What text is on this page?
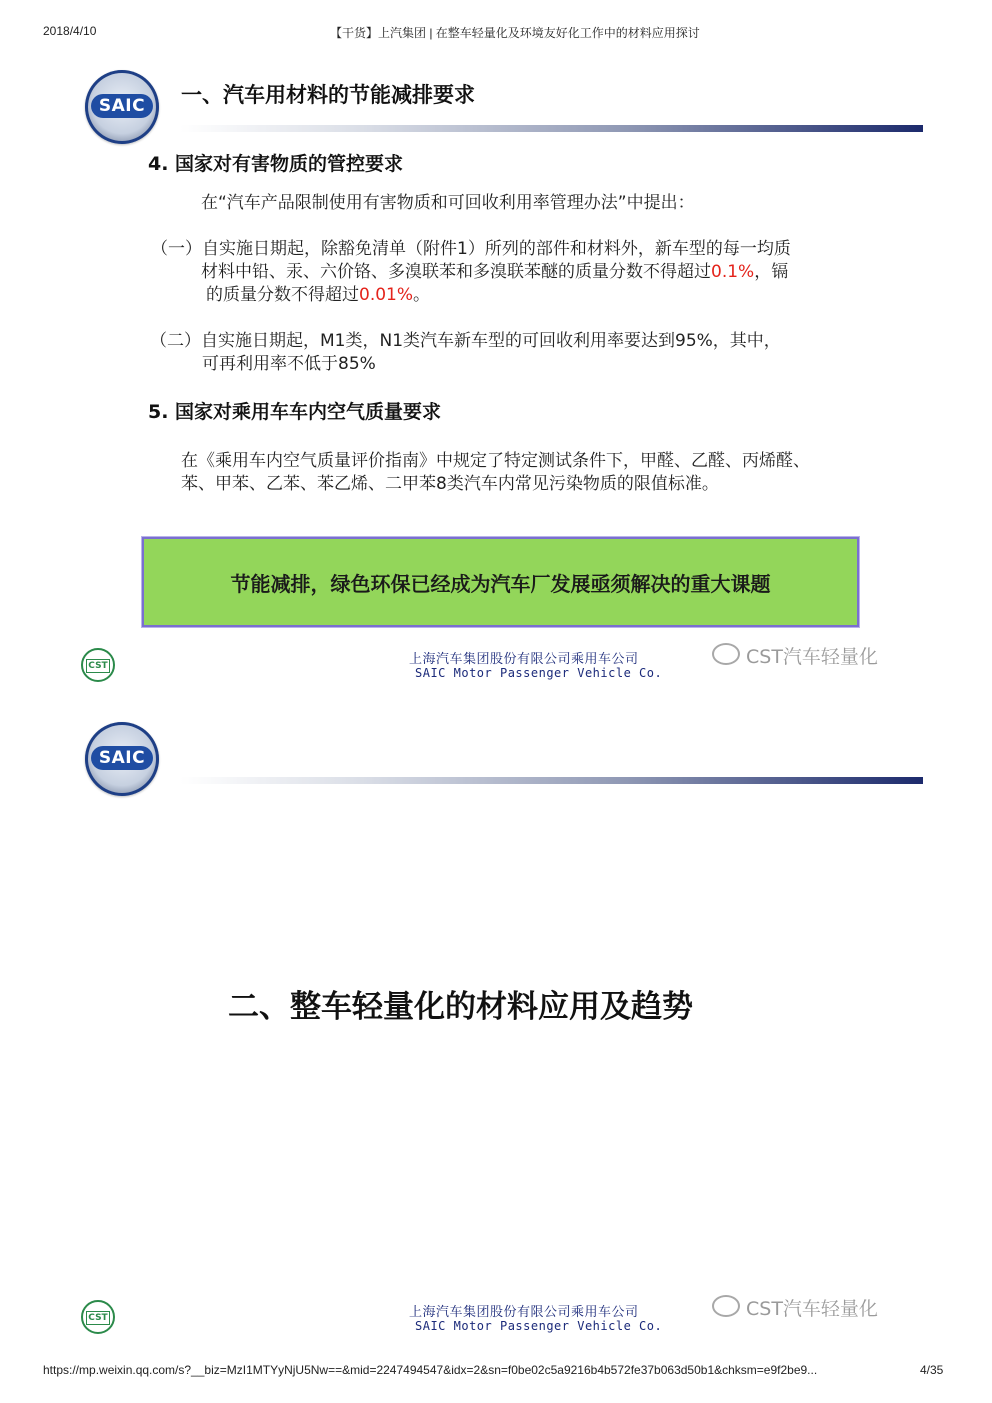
2018/4/10	【干货】上汽集团 | 在整车轻量化及环境友好化工作中的材料应用探讨
SAIC	一、汽车用材料的节能减排要求
4. 国家对有害物质的管控要求
在“汽车产品限制使用有害物质和可回收利用率管理办法”中提出：
（一）自实施日期起，除豁免清单（附件1）所列的部件和材料外，新车型的每一均质
材料中铅、汞、六价铬、多溴联苯和多溴联苯醚的质量分数不得超过0.1%，镉
的质量分数不得超过0.01%。
（二）自实施日期起，M1类，N1类汽车新车型的可回收利用率要达到95%，其中，
可再利用率不低于85%
5. 国家对乘用车车内空气质量要求
在《乘用车内空气质量评价指南》中规定了特定测试条件下，甲醛、乙醛、丙烯醛、
苯、甲苯、乙苯、苯乙烯、二甲苯8类汽车内常见污染物质的限值标准。
节能减排，绿色环保已经成为汽车厂发展亟须解决的重大课题
CST	上海汽车集团股份有限公司乘用车公司
SAIC Motor Passenger Vehicle Co.
CST汽车轻量化
SAIC
二、整车轻量化的材料应用及趋势
CST	上海汽车集团股份有限公司乘用车公司
SAIC Motor Passenger Vehicle Co.
CST汽车轻量化
https://mp.weixin.qq.com/s?__biz=MzI1MTYyNjU5Nw==&mid=2247494547&idx=2&sn=f0be02c5a9216b4b572fe37b063d50b1&chksm=e9f2be9...	4/35
